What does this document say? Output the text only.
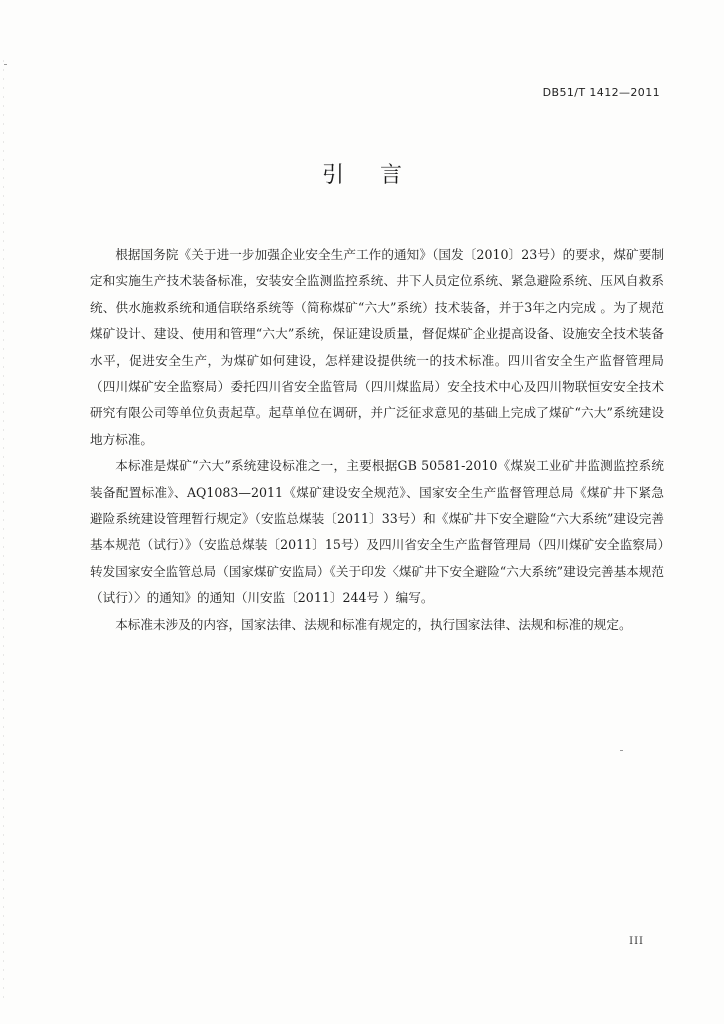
DB51/T 1412—2011
引言

根据国务院《关于进一步加强企业安全生产工作的通知》（国发〔2010〕23号）的要求，煤矿要制定和实施生产技术装备标准，安装安全监测监控系统、井下人员定位系统、紧急避险系统、压风自救系统、供水施救系统和通信联络系统等（简称煤矿“六大”系统）技术装备，并于3年之内完成 。为了规范煤矿设计、建设、使用和管理“六大”系统，保证建设质量，督促煤矿企业提高设备、设施安全技术装备水平，促进安全生产，为煤矿如何建设，怎样建设提供统一的技术标准。四川省安全生产监督管理局（四川煤矿安全监察局）委托四川省安全监管局（四川煤监局）安全技术中心及四川物联恒安安全技术研究有限公司等单位负责起草。起草单位在调研，并广泛征求意见的基础上完成了煤矿“六大”系统建设地方标准。

本标准是煤矿“六大”系统建设标准之一，主要根据GB 50581-2010《煤炭工业矿井监测监控系统装备配置标准》、AQ1083—2011《煤矿建设安全规范》、国家安全生产监督管理总局《煤矿井下紧急避险系统建设管理暂行规定》（安监总煤装〔2011〕33号）和《煤矿井下安全避险“六大系统”建设完善基本规范（试行）》（安监总煤装〔2011〕15号）及四川省安全生产监督管理局（四川煤矿安全监察局）转发国家安全监管总局（国家煤矿安监局）《关于印发〈煤矿井下安全避险“六大系统”建设完善基本规范（试行）〉的通知》的通知（川安监〔2011〕244号 ）编写。

本标准未涉及的内容，国家法律、法规和标准有规定的，执行国家法律、法规和标准的规定。

III
